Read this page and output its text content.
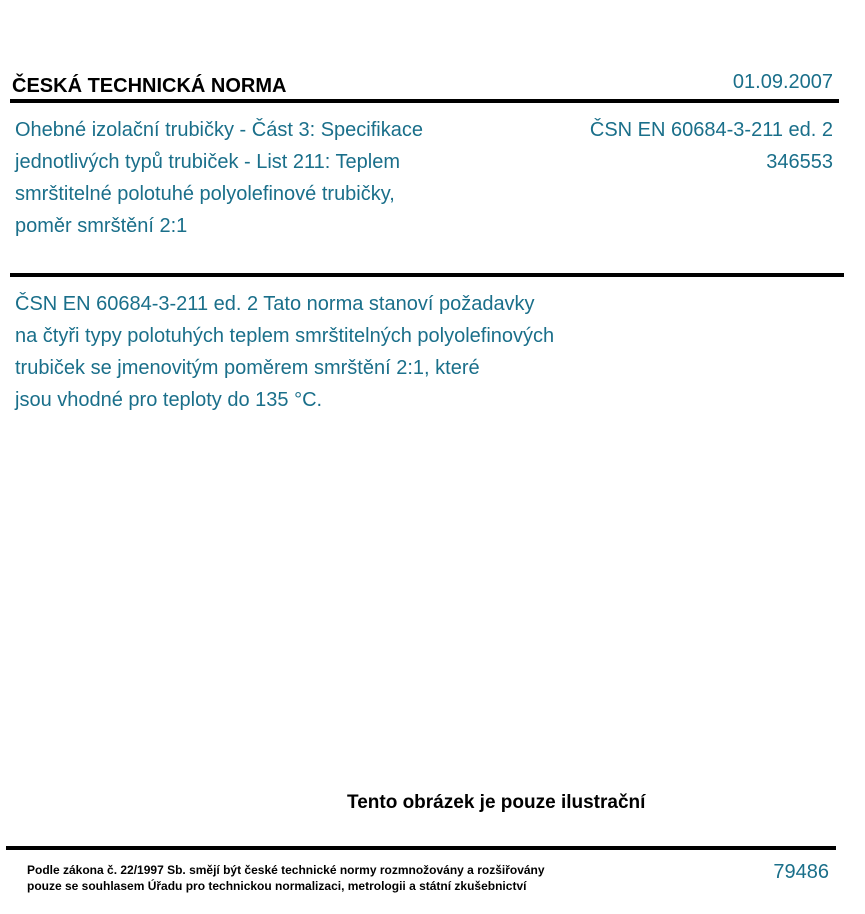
ČESKÁ TECHNICKÁ NORMA	01.09.2007
Ohebné izolační trubičky - Část 3: Specifikace
jednotlivých typů trubiček - List 211: Teplem
smrštitelné polotuhé polyolefinové trubičky,
poměr smrštění 2:1
ČSN EN 60684-3-211 ed. 2
346553
ČSN EN 60684-3-211 ed. 2 Tato norma stanoví požadavky
na čtyři typy polotuhých teplem smrštitelných polyolefinových
trubiček se jmenovitým poměrem smrštění 2:1, které
jsou vhodné pro teploty do 135 °C.
Tento obrázek je pouze ilustrační
Podle zákona č. 22/1997 Sb. smějí být české technické normy rozmnožovány a rozšiřovány
pouze se souhlasem Úřadu pro technickou normalizaci, metrologii a státní zkušebnictví
79486
